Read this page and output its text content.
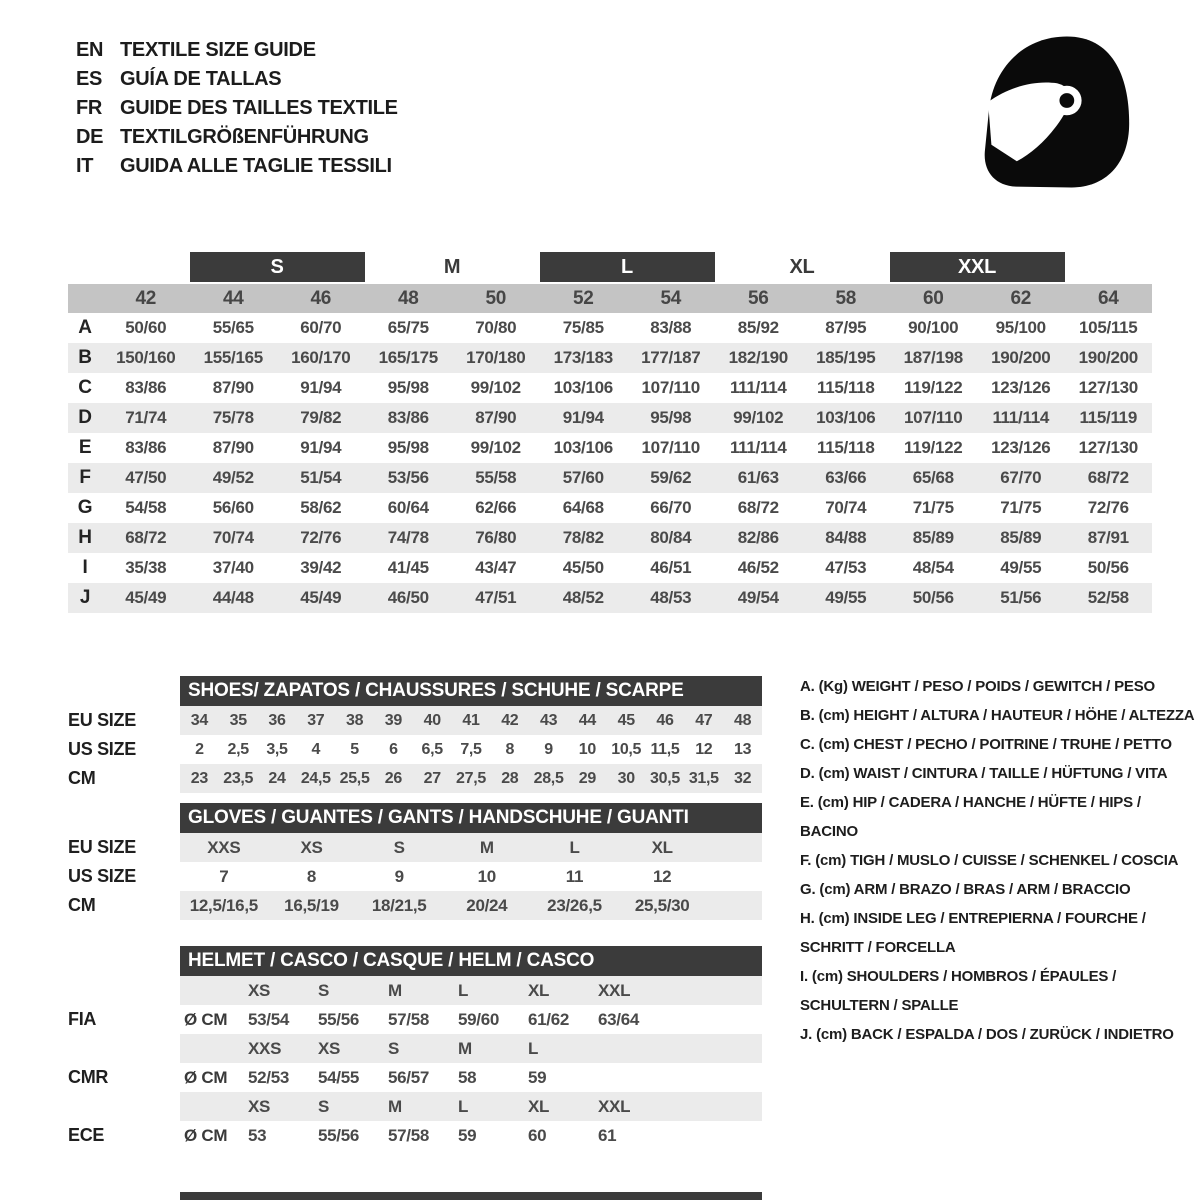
EN TEXTILE SIZE GUIDE
ES GUÍA DE TALLAS
FR GUIDE DES TAILLES TEXTILE
DE TEXTILGRÖßENFÜHRUNG
IT	GUIDA ALLE TAGLIE TESSILI
S	M	L	XL	XXL
42	44	46	48	50	52	54	56	58	60	62	64
A	50/60	55/65	60/70	65/75	70/80	75/85	83/88	85/92	87/95	90/100	95/100	105/115
B	150/160	155/165	160/170	165/175	170/180	173/183	177/187	182/190	185/195	187/198	190/200	190/200
C	83/86	87/90	91/94	95/98	99/102	103/106	107/110	111/114	115/118	119/122	123/126	127/130
D	71/74	75/78	79/82	83/86	87/90	91/94	95/98	99/102	103/106	107/110	111/114	115/119
E	83/86	87/90	91/94	95/98	99/102	103/106	107/110	111/114	115/118	119/122	123/126	127/130
F	47/50	49/52	51/54	53/56	55/58	57/60	59/62	61/63	63/66	65/68	67/70	68/72
G	54/58	56/60	58/62	60/64	62/66	64/68	66/70	68/72	70/74	71/75	71/75	72/76
H	68/72	70/74	72/76	74/78	76/80	78/82	80/84	82/86	84/88	85/89	85/89	87/91
I	35/38	37/40	39/42	41/45	43/47	45/50	46/51	46/52	47/53	48/54	49/55	50/56
J	45/49	44/48	45/49	46/50	47/51	48/52	48/53	49/54	49/55	50/56	51/56	52/58
SHOES/ ZAPATOS / CHAUSSURES / SCHUHE / SCARPE
EU SIZE	34	35	36	37	38	39	40	41	42	43	44	45	46	47	48
US SIZE	2	2,5	3,5	4	5	6	6,5	7,5	8	9	10 10,5 11,5 12	13
CM	23 23,5 24 24,5 25,5 26	27 27,5 28 28,5 29	30 30,5 31,5 32
GLOVES / GUANTES / GANTS / HANDSCHUHE / GUANTI
EU SIZE	XXS	XS	S	M	L	XL
US SIZE	7	8	9	10	11	12
CM	12,5/16,5	16,5/19	18/21,5	20/24	23/26,5	25,5/30
HELMET / CASCO / CASQUE / HELM / CASCO
XS	S	M	L	XL	XXL
FIA	Ø CM	53/54	55/56	57/58	59/60	61/62	63/64
XXS	XS	S	M	L
CMR	Ø CM	52/53	54/55	56/57	58	59
XS	S	M	L	XL	XXL
ECE	Ø CM	53	55/56	57/58	59	60	61

A. (Kg) WEIGHT / PESO / POIDS / GEWITCH / PESO

B. (cm) HEIGHT / ALTURA / HAUTEUR / HÖHE / ALTEZZA

C. (cm) CHEST / PECHO / POITRINE / TRUHE / PETTO

D. (cm) WAIST / CINTURA / TAILLE / HÜFTUNG / VITA

E. (cm) HIP / CADERA / HANCHE / HÜFTE / HIPS / BACINO

F. (cm) TIGH / MUSLO / CUISSE / SCHENKEL / COSCIA

G. (cm) ARM / BRAZO / BRAS / ARM / BRACCIO

H. (cm) INSIDE LEG / ENTREPIERNA / FOURCHE / SCHRITT / FORCELLA

I. (cm) SHOULDERS / HOMBROS / ÉPAULES / SCHULTERN / SPALLE

J. (cm) BACK / ESPALDA / DOS / ZURÜCK / INDIETRO
